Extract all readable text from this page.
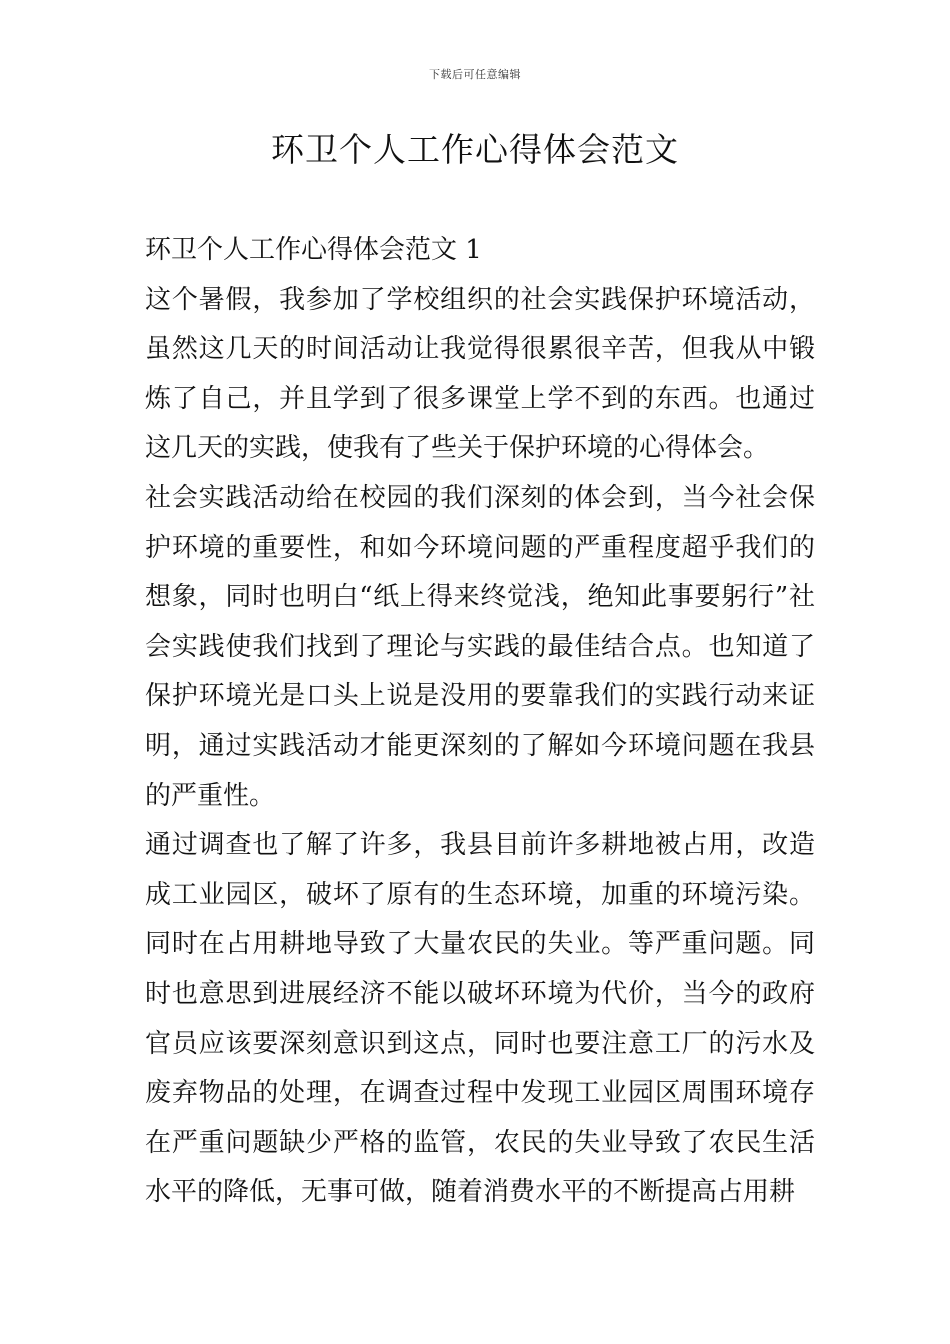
下载后可任意编辑
环卫个人工作心得体会范文

环卫个人工作心得体会范文 1

这个暑假，我参加了学校组织的社会实践保护环境活动，虽然这几天的时间活动让我觉得很累很辛苦，但我从中锻炼了自己，并且学到了很多课堂上学不到的东西。也通过这几天的实践，使我有了些关于保护环境的心得体会。

社会实践活动给在校园的我们深刻的体会到，当今社会保护环境的重要性，和如今环境问题的严重程度超乎我们的想象，同时也明白“纸上得来终觉浅，绝知此事要躬行”社会实践使我们找到了理论与实践的最佳结合点。也知道了保护环境光是口头上说是没用的要靠我们的实践行动来证明，通过实践活动才能更深刻的了解如今环境问题在我县的严重性。

通过调查也了解了许多，我县目前许多耕地被占用，改造成工业园区，破坏了原有的生态环境，加重的环境污染。同时在占用耕地导致了大量农民的失业。等严重问题。同时也意思到进展经济不能以破坏环境为代价，当今的政府官员应该要深刻意识到这点，同时也要注意工厂的污水及废弃物品的处理，在调查过程中发现工业园区周围环境存在严重问题缺少严格的监管，农民的失业导致了农民生活水平的降低，无事可做，随着消费水平的不断提高占用耕
